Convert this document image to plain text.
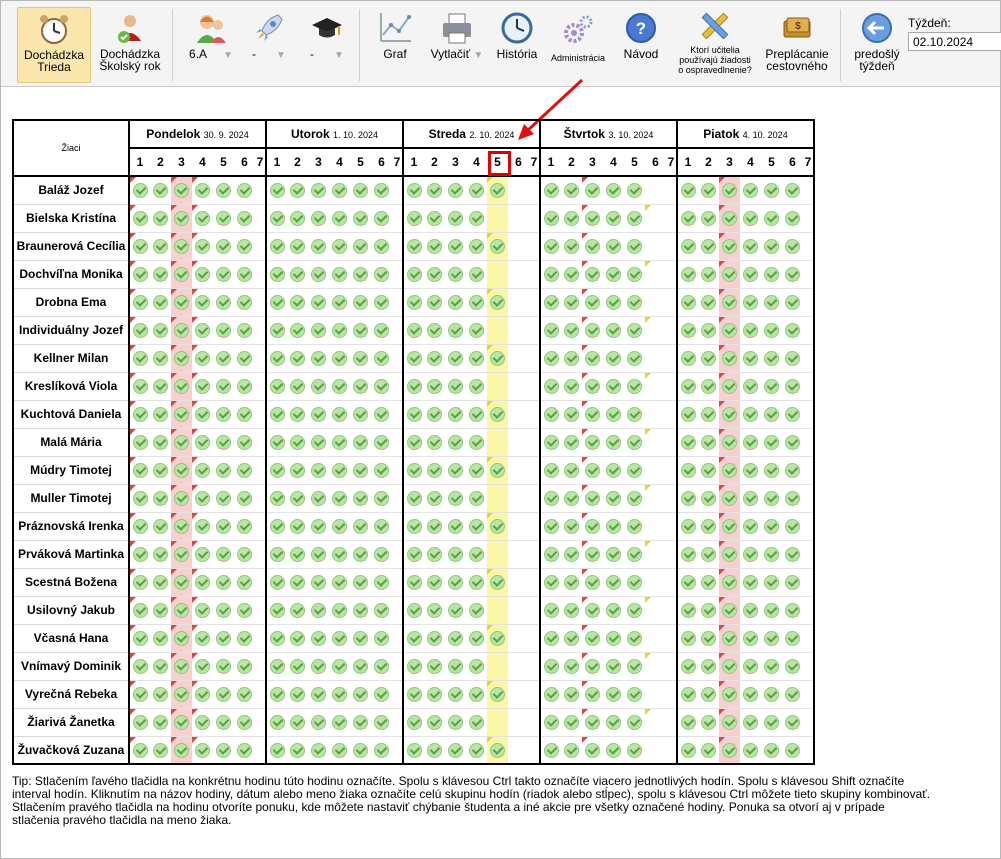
Dochádzka
Trieda
Dochádzka
Školský rok
6.A ▼	- ▼	- ▼	Graf	Vytlačiť ▼	História	Administrácia
?
Návod	Ktorí učitelia
používajú žiadosti
o ospravedlnenie?
$
Preplácanie
cestovného
predošlý
týždeň
Týždeň:
02.10.2024
Žiaci	Pondelok 30. 9. 2024							Utorok 1. 10. 2024							Streda 2. 10. 2024							Štvrtok 3. 10. 2024							Piatok 4. 10. 2024						
	1	2	3	4	5	6	7	1	2	3	4	5	6	7	1	2	3	4	5	6	7	1	2	3	4	5	6	7	1	2	3	4	5	6	7
Baláž Jozef	

Bielska Kristína	

Braunerová Cecília	

Dochvíľna Monika	

Drobna Ema	

Individuálny Jozef	

Kellner Milan	

Kreslíková Viola	

Kuchtová Daniela	

Malá Mária	

Múdry Timotej	

Muller Timotej	

Práznovská Irenka	

Prváková Martinka	

Scestná Božena	

Usilovný Jakub	

Včasná Hana	

Vnímavý Dominik	

Vyrečná Rebeka	

Žiarivá Žanetka	

Žuvačková Zuzana	

Tip: Stlačením ľavého tlačidla na konkrétnu hodinu túto hodinu označíte. Spolu s klávesou Ctrl takto označíte viacero jednotlivých hodín. Spolu s klávesou Shift označíte interval hodín. Kliknutím na názov hodiny, dátum alebo meno žiaka označíte celú skupinu hodín (riadok alebo stĺpec), spolu s klávesou Ctrl môžete tieto skupiny kombinovať.
Stlačením pravého tlačidla na hodinu otvoríte ponuku, kde môžete nastaviť chýbanie študenta a iné akcie pre všetky označené hodiny. Ponuka sa otvorí aj v prípade stlačenia pravého tlačidla na meno žiaka.
